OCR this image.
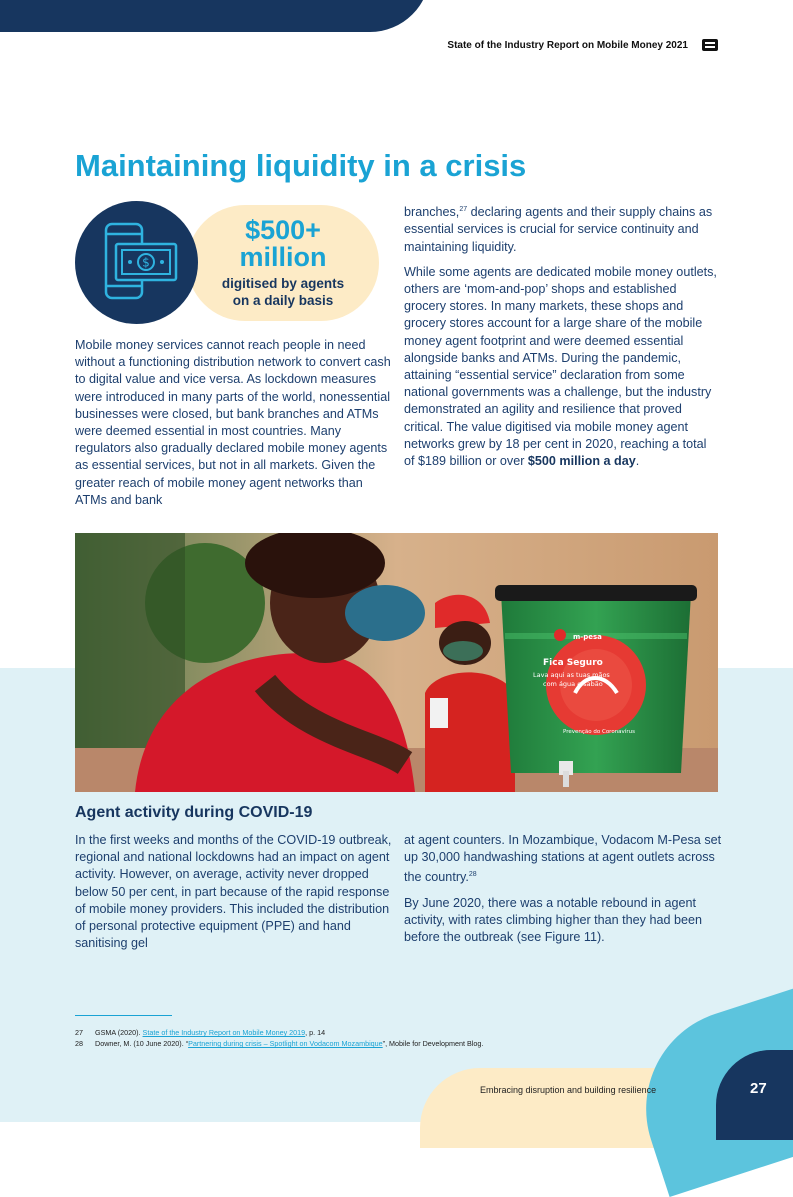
State of the Industry Report on Mobile Money 2021
Maintaining liquidity in a crisis
$
$500+
million
digitised by agents
on a daily basis

Mobile money services cannot reach people in need without a functioning distribution network to convert cash to digital value and vice versa. As lockdown measures were introduced in many parts of the world, nonessential businesses were closed, but bank branches and ATMs were deemed essential in most countries. Many regulators also gradually declared mobile money agents as essential services, but not in all markets. Given the greater reach of mobile money agent networks than ATMs and bank

branches,$^{27}$ declaring agents and their supply chains as essential services is crucial for service continuity and maintaining liquidity.

While some agents are dedicated mobile money outlets, others are ‘mom-and-pop’ shops and established grocery stores. In many markets, these shops and grocery stores account for a large share of the mobile money agent footprint and were deemed essential alongside banks and ATMs. During the pandemic, attaining “essential service” declaration from some national governments was a challenge, but the industry demonstrated an agility and resilience that proved critical. The value digitised via mobile money agent networks grew by 18 per cent in 2020, reaching a total of $189 billion or over $500 million a day.

m-pesa
Fica Seguro
Lava aqui as tuas mãos
com água e sabão
Prevenção do Coronavírus
Agent activity during COVID-19

In the first weeks and months of the COVID-19 outbreak, regional and national lockdowns had an impact on agent activity. However, on average, activity never dropped below 50 per cent, in part because of the rapid response of mobile money providers. This included the distribution of personal protective equipment (PPE) and hand sanitising gel

at agent counters. In Mozambique, Vodacom M-Pesa set up 30,000 handwashing stations at agent outlets across the country.$^{28}$

By June 2020, there was a notable rebound in agent activity, with rates climbing higher than they had been before the outbreak (see Figure 11).

27 GSMA (2020). State of the Industry Report on Mobile Money 2019, p. 14
28 Downer, M. (10 June 2020). “Partnering during crisis – Spotlight on Vodacom Mozambique”, Mobile for Development Blog.
Embracing disruption and building resilience	27
